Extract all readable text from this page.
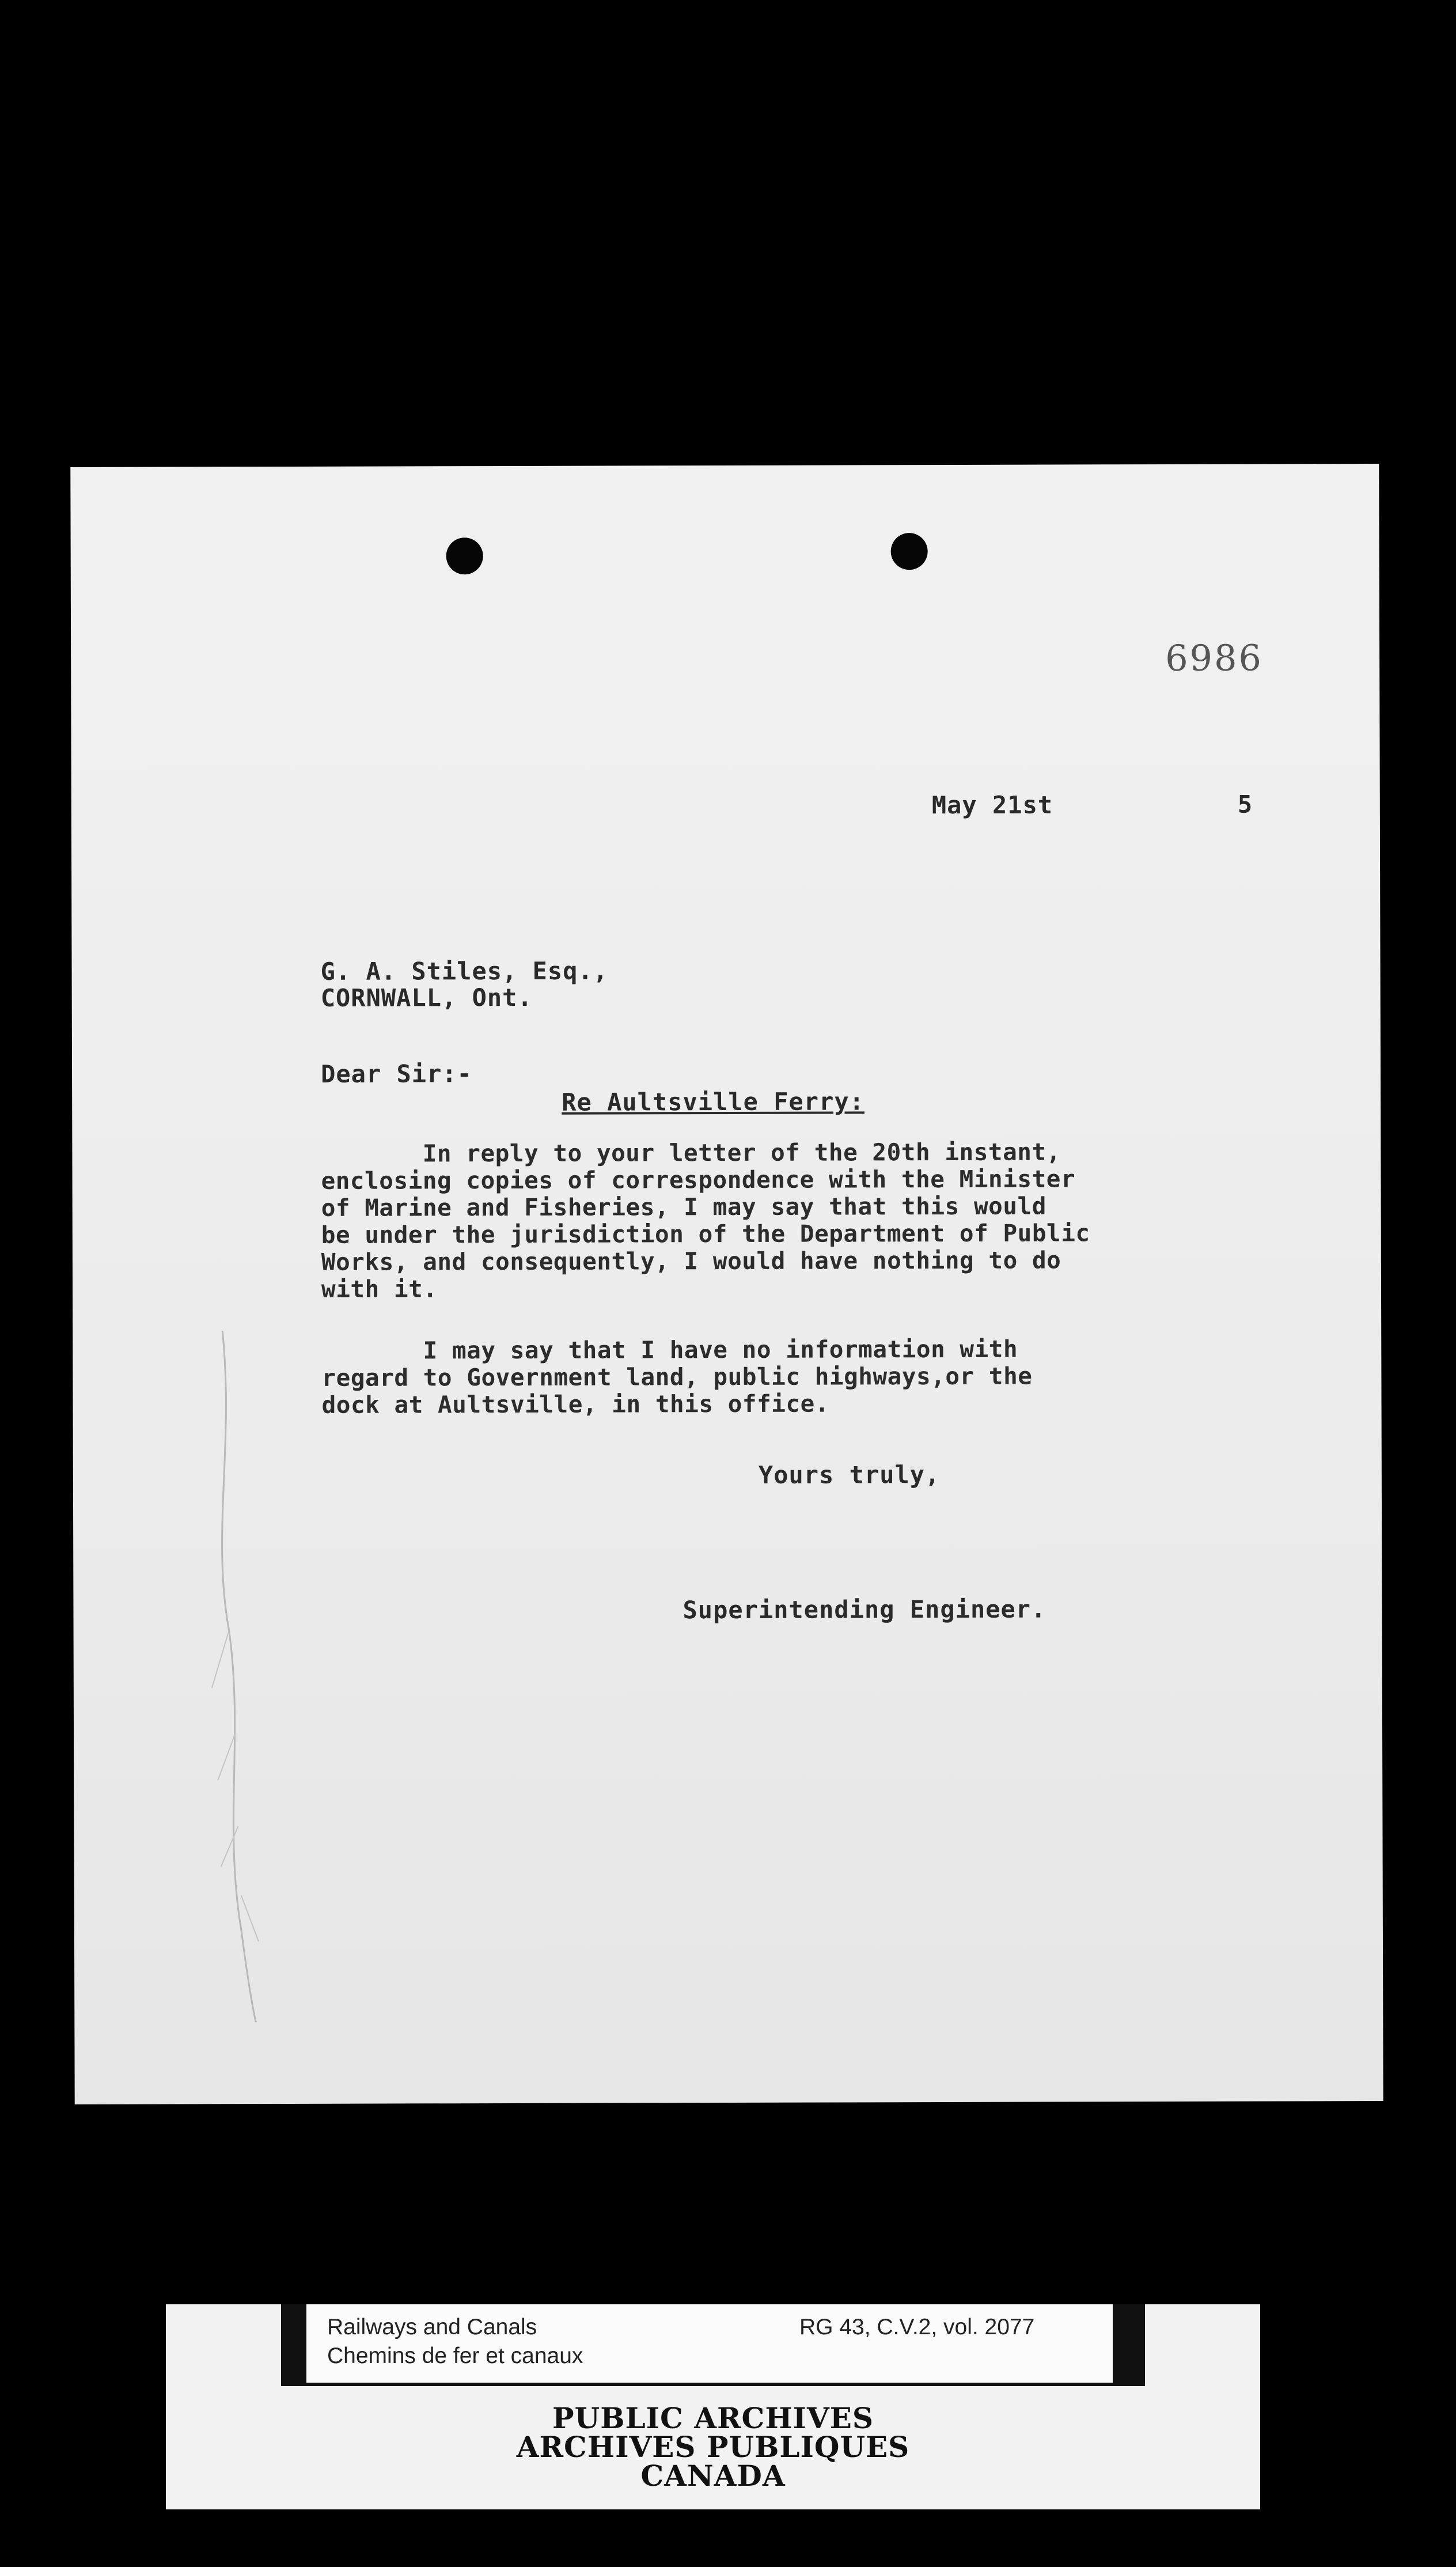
6986
May 21st	5
G. A. Stiles, Esq.,
CORNWALL, Ont.
Dear Sir:-
Re Aultsville Ferry:
In reply to your letter of the 20th instant,
enclosing copies of correspondence with the Minister
of Marine and Fisheries, I may say that this would
be under the jurisdiction of the Department of Public
Works, and consequently, I would have nothing to do
with it.
I may say that I have no information with
regard to Government land, public highways,or the
dock at Aultsville, in this office.
Yours truly,
Superintending Engineer.
Railways and Canals
Chemins de fer et canaux
RG 43, C.V.2, vol. 2077
PUBLIC ARCHIVES
ARCHIVES PUBLIQUES
CANADA
